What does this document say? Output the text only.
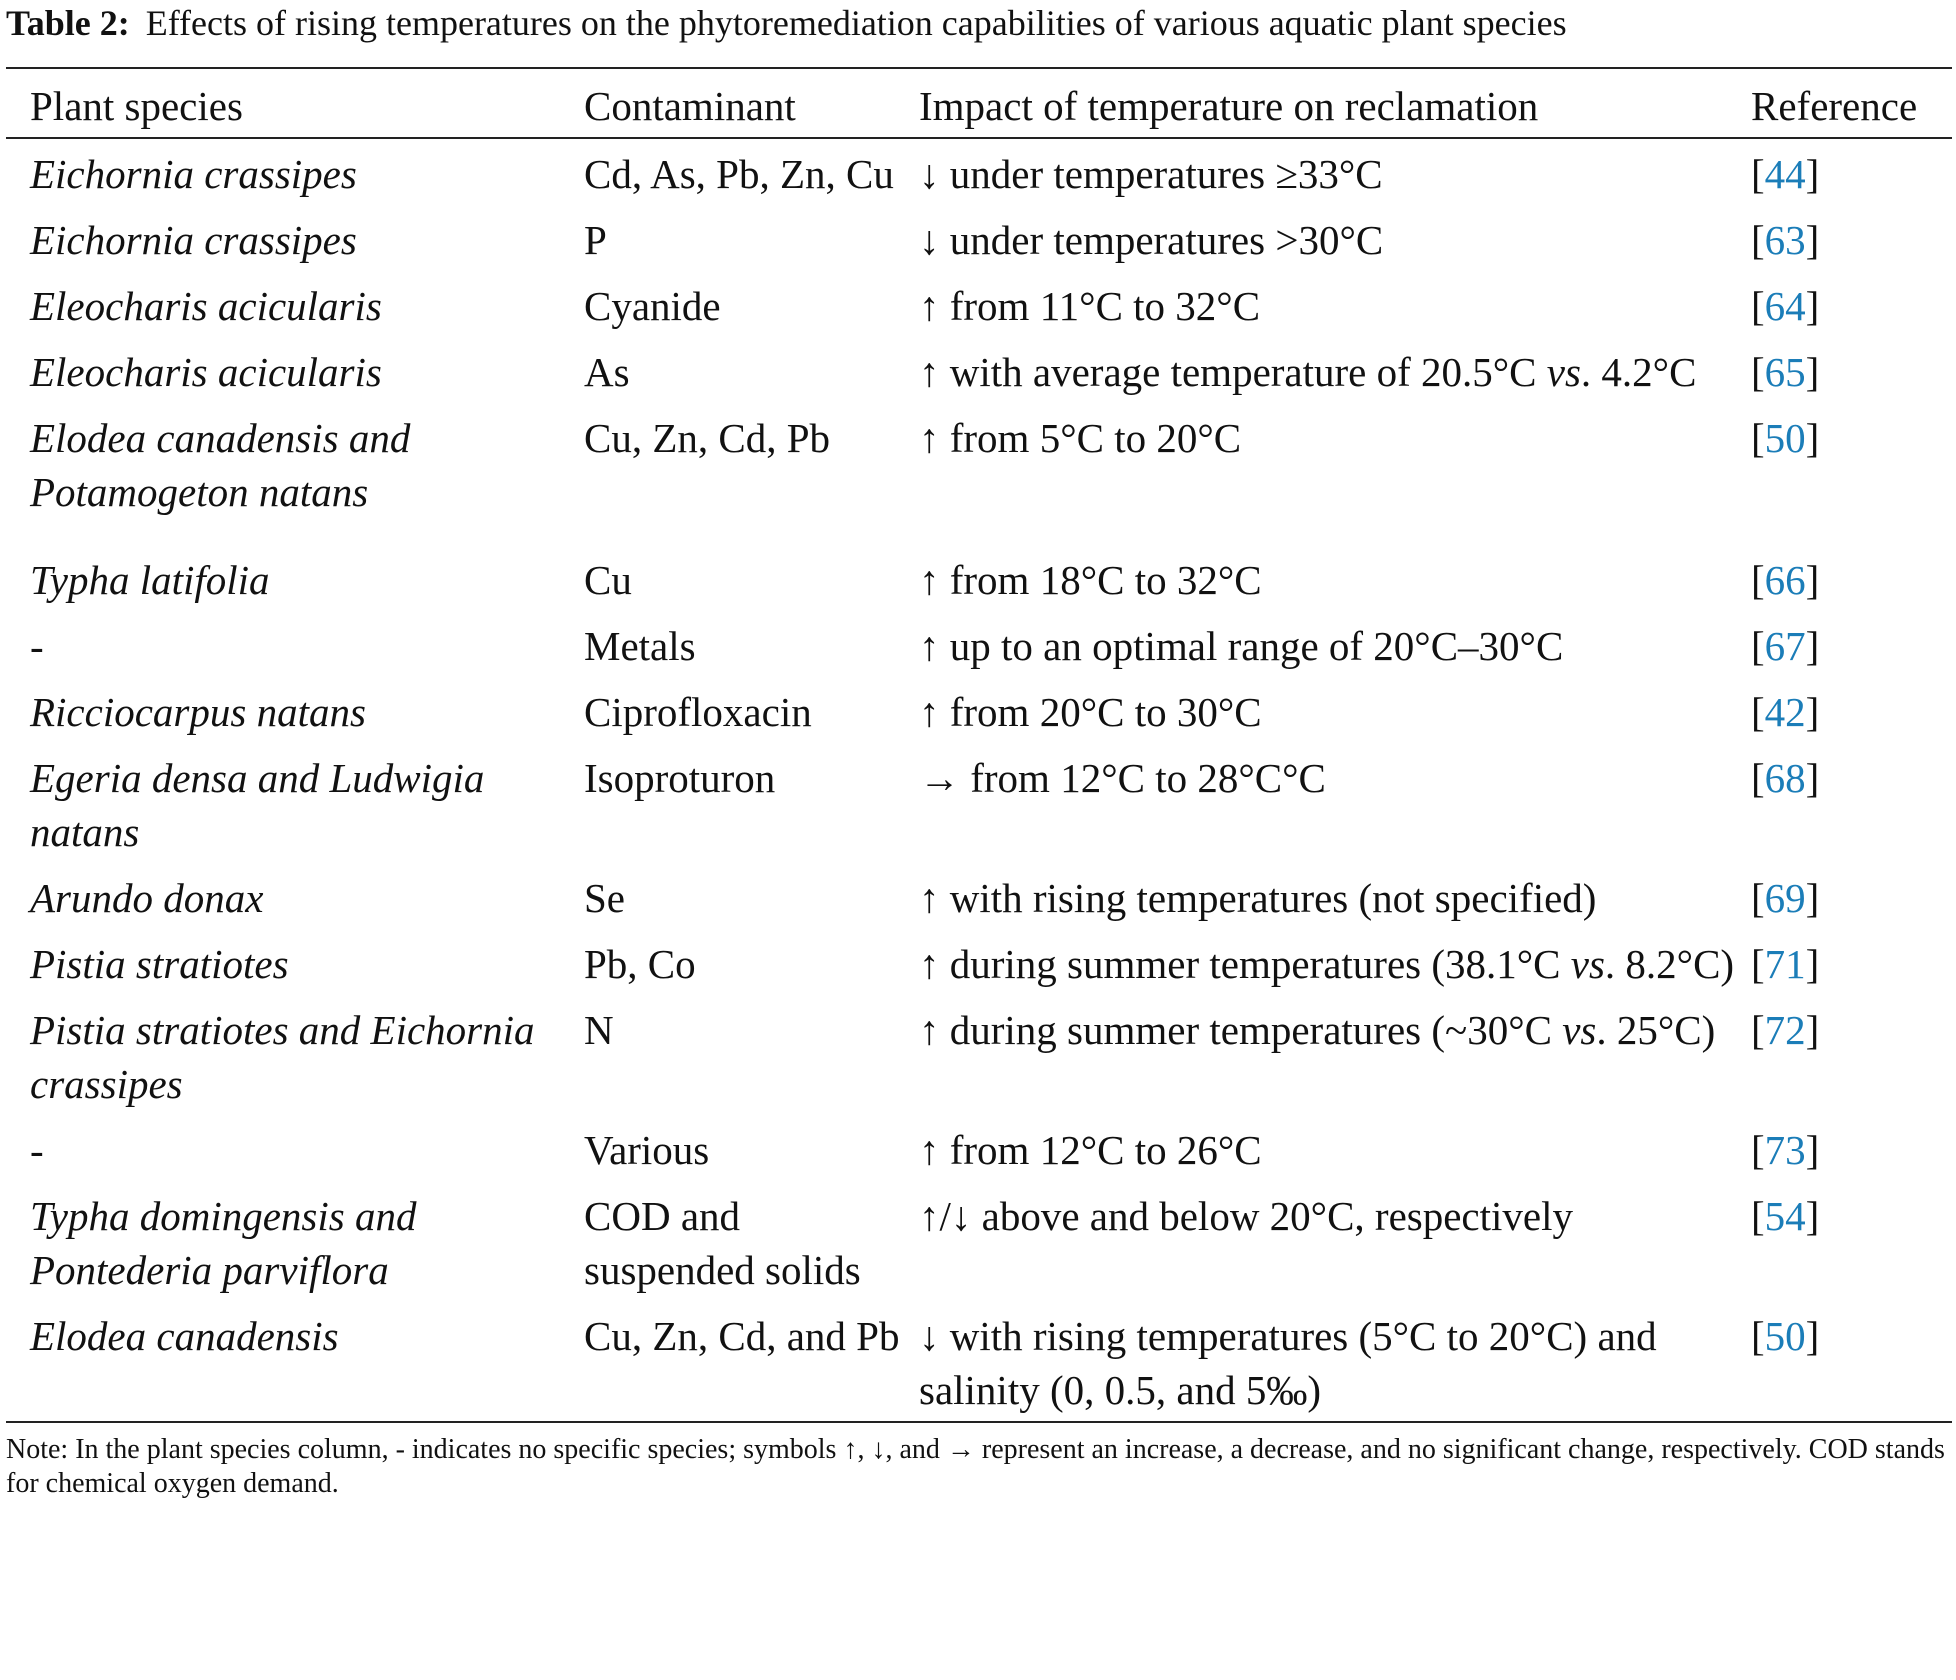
Table 2: Effects of rising temperatures on the phytoremediation capabilities of various aquatic plant species
Plant species	Contaminant	Impact of temperature on reclamation	Reference
Eichornia crassipes	Cd, As, Pb, Zn, Cu	↓ under temperatures ≥33°C	[44]
Eichornia crassipes	P	↓ under temperatures >30°C	[63]
Eleocharis acicularis	Cyanide	↑ from 11°C to 32°C	[64]
Eleocharis acicularis	As	↑ with average temperature of 20.5°C vs. 4.2°C	[65]
Elodea canadensis and Potamogeton natans	Cu, Zn, Cd, Pb	↑ from 5°C to 20°C	[50]
Typha latifolia	Cu	↑ from 18°C to 32°C	[66]
-	Metals	↑ up to an optimal range of 20°C–30°C	[67]
Ricciocarpus natans	Ciprofloxacin	↑ from 20°C to 30°C	[42]
Egeria densa and Ludwigia natans	Isoproturon	→ from 12°C to 28°C°C	[68]
Arundo donax	Se	↑ with rising temperatures (not specified)	[69]
Pistia stratiotes	Pb, Co	↑ during summer temperatures (38.1°C vs. 8.2°C)	[71]
Pistia stratiotes and Eichornia crassipes	N	↑ during summer temperatures (~30°C vs. 25°C)	[72]
-	Various	↑ from 12°C to 26°C	[73]
Typha domingensis and Pontederia parviflora	COD and suspended solids	↑/↓ above and below 20°C, respectively	[54]
Elodea canadensis	Cu, Zn, Cd, and Pb	↓ with rising temperatures (5°C to 20°C) and salinity (0, 0.5, and 5‰)	[50]
Note: In the plant species column, - indicates no specific species; symbols ↑, ↓, and → represent an increase, a decrease, and no significant change, respectively. COD stands for chemical oxygen demand.
